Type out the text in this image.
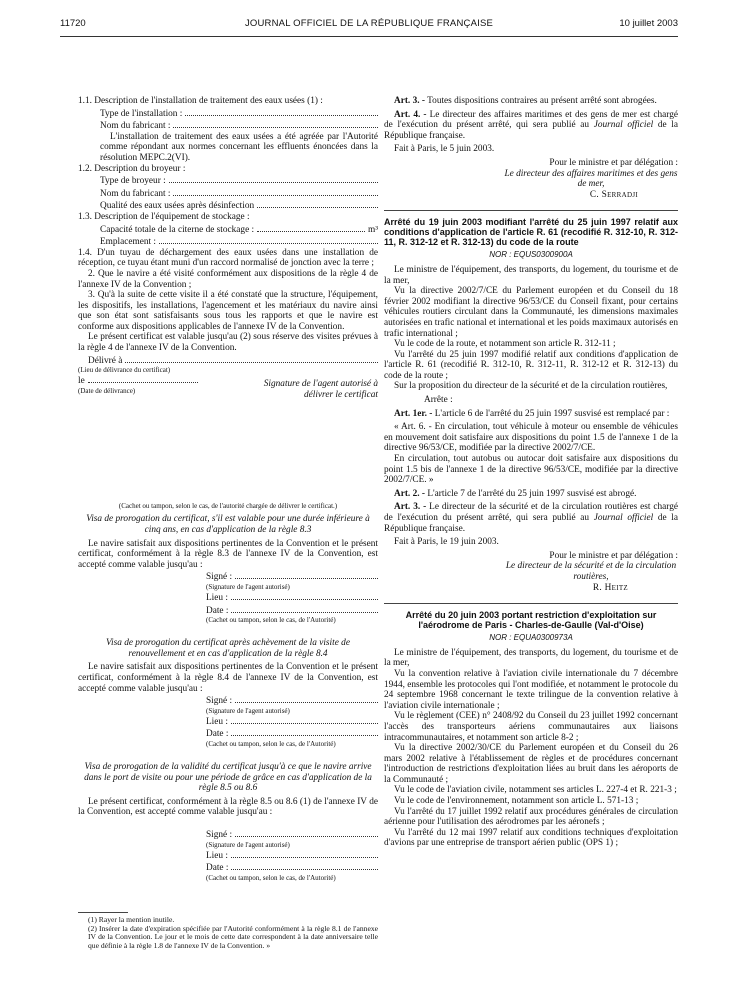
11720	JOURNAL OFFICIEL DE LA RÉPUBLIQUE FRANÇAISE	10 juillet 2003

1.1. Description de l'installation de traitement des eaux usées (1) :

Type de l'installation :
Nom du fabricant :

L'installation de traitement des eaux usées a été agréée par l'Autorité comme répondant aux normes concernant les effluents énoncées dans la résolution MEPC.2(VI).

1.2. Description du broyeur :

Type de broyeur :
Nom du fabricant :
Qualité des eaux usées après désinfection

1.3. Description de l'équipement de stockage :

Capacité totale de la citerne de stockage :	m³
Emplacement :

1.4. D'un tuyau de déchargement des eaux usées dans une installation de réception, ce tuyau étant muni d'un raccord normalisé de jonction avec la terre ;

2. Que le navire a été visité conformément aux dispositions de la règle 4 de l'annexe IV de la Convention ;

3. Qu'à la suite de cette visite il a été constaté que la structure, l'équipement, les dispositifs, les installations, l'agencement et les matériaux du navire ainsi que son état sont satisfaisants sous tous les rapports et que le navire est conforme aux dispositions applicables de l'annexe IV de la Convention.

Le présent certificat est valable jusqu'au (2) sous réserve des visites prévues à la règle 4 de l'annexe IV de la Convention.

Délivré à

(Lieu de délivrance du certificat)

le

(Date de délivrance)

Signature de l'agent autorisé à délivrer le certificat

(Cachet ou tampon, selon le cas, de l'autorité chargée de délivrer le certificat.)

Visa de prorogation du certificat, s'il est valable pour une durée inférieure à cinq ans, en cas d'application de la règle 8.3

Le navire satisfait aux dispositions pertinentes de la Convention et le présent certificat, conformément à la règle 8.3 de l'annexe IV de la Convention, est accepté comme valable jusqu'au :

Signé :

(Signature de l'agent autorisé)

Lieu :
Date :

(Cachet ou tampon, selon le cas, de l'Autorité)

Visa de prorogation du certificat après achèvement de la visite de renouvellement et en cas d'application de la règle 8.4

Le navire satisfait aux dispositions pertinentes de la Convention et le présent certificat, conformément à la règle 8.4 de l'annexe IV de la Convention, est accepté comme valable jusqu'au :

Signé :

(Signature de l'agent autorisé)

Lieu :
Date :

(Cachet ou tampon, selon le cas, de l'Autorité)

Visa de prorogation de la validité du certificat jusqu'à ce que le navire arrive dans le port de visite ou pour une période de grâce en cas d'application de la règle 8.5 ou 8.6

Le présent certificat, conformément à la règle 8.5 ou 8.6 (1) de l'annexe IV de la Convention, est accepté comme valable jusqu'au :

Signé :

(Signature de l'agent autorisé)

Lieu :
Date :

(Cachet ou tampon, selon le cas, de l'Autorité)

(1) Rayer la mention inutile.

(2) Insérer la date d'expiration spécifiée par l'Autorité conformément à la règle 8.1 de l'annexe IV de la Convention. Le jour et le mois de cette date correspondent à la date anniversaire telle que définie à la règle 1.8 de l'annexe IV de la Convention. »

Art. 3. - Toutes dispositions contraires au présent arrêté sont abrogées.

Art. 4. - Le directeur des affaires maritimes et des gens de mer est chargé de l'exécution du présent arrêté, qui sera publié au Journal officiel de la République française.

Fait à Paris, le 5 juin 2003.

Pour le ministre et par délégation :
Le directeur des affaires maritimes et des gens de mer,
C. Serradji

Arrêté du 19 juin 2003 modifiant l'arrêté du 25 juin 1997 relatif aux conditions d'application de l'article R. 61 (recodifié R. 312-10, R. 312-11, R. 312-12 et R. 312-13) du code de la route

NOR : EQUS0300900A

Le ministre de l'équipement, des transports, du logement, du tourisme et de la mer,

Vu la directive 2002/7/CE du Parlement européen et du Conseil du 18 février 2002 modifiant la directive 96/53/CE du Conseil fixant, pour certains véhicules routiers circulant dans la Communauté, les dimensions maximales autorisées en trafic national et international et les poids maximaux autorisés en trafic international ;

Vu le code de la route, et notamment son article R. 312-11 ;

Vu l'arrêté du 25 juin 1997 modifié relatif aux conditions d'application de l'article R. 61 (recodifié R. 312-10, R. 312-11, R. 312-12 et R. 312-13) du code de la route ;

Sur la proposition du directeur de la sécurité et de la circulation routières,

Arrête :

Art. 1er. - L'article 6 de l'arrêté du 25 juin 1997 susvisé est remplacé par :

« Art. 6. - En circulation, tout véhicule à moteur ou ensemble de véhicules en mouvement doit satisfaire aux dispositions du point 1.5 de l'annexe 1 de la directive 96/53/CE, modifiée par la directive 2002/7/CE.

En circulation, tout autobus ou autocar doit satisfaire aux dispositions du point 1.5 bis de l'annexe 1 de la directive 96/53/CE, modifiée par la directive 2002/7/CE. »

Art. 2. - L'article 7 de l'arrêté du 25 juin 1997 susvisé est abrogé.

Art. 3. - Le directeur de la sécurité et de la circulation routières est chargé de l'exécution du présent arrêté, qui sera publié au Journal officiel de la République française.

Fait à Paris, le 19 juin 2003.

Pour le ministre et par délégation :
Le directeur de la sécurité et de la circulation routières,
R. Heitz

Arrêté du 20 juin 2003 portant restriction d'exploitation sur l'aérodrome de Paris - Charles-de-Gaulle (Val-d'Oise)

NOR : EQUA0300973A

Le ministre de l'équipement, des transports, du logement, du tourisme et de la mer,

Vu la convention relative à l'aviation civile internationale du 7 décembre 1944, ensemble les protocoles qui l'ont modifiée, et notamment le protocole du 24 septembre 1968 concernant le texte trilingue de la convention relative à l'aviation civile internationale ;

Vu le règlement (CEE) n° 2408/92 du Conseil du 23 juillet 1992 concernant l'accès des transporteurs aériens communautaires aux liaisons intracommunautaires, et notamment son article 8-2 ;

Vu la directive 2002/30/CE du Parlement européen et du Conseil du 26 mars 2002 relative à l'établissement de règles et de procédures concernant l'introduction de restrictions d'exploitation liées au bruit dans les aéroports de la Communauté ;

Vu le code de l'aviation civile, notamment ses articles L. 227-4 et R. 221-3 ;

Vu le code de l'environnement, notamment son article L. 571-13 ;

Vu l'arrêté du 17 juillet 1992 relatif aux procédures générales de circulation aérienne pour l'utilisation des aérodromes par les aéronefs ;

Vu l'arrêté du 12 mai 1997 relatif aux conditions techniques d'exploitation d'avions par une entreprise de transport aérien public (OPS 1) ;
